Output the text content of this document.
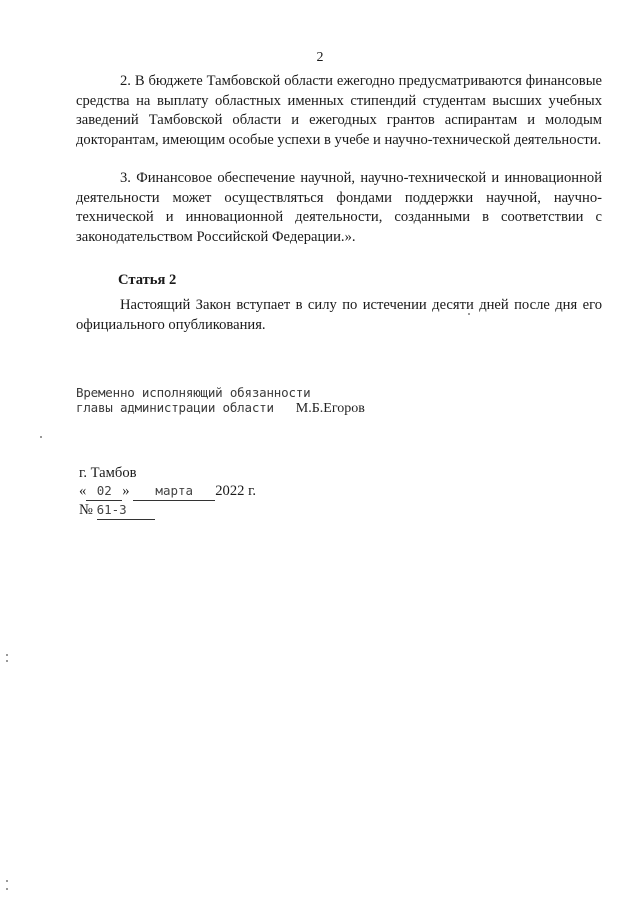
2
2. В бюджете Тамбовской области ежегодно предусматриваются финансовые средства на выплату областных именных стипендий студентам высших учебных заведений Тамбовской области и ежегодных грантов аспирантам и молодым докторантам, имеющим особые успехи в учебе и научно-технической деятельности.
3. Финансовое обеспечение научной, научно-технической и инновационной деятельности может осуществляться фондами поддержки научной, научно-технической и инновационной деятельности, созданными в соответствии с законодательством Российской Федерации.».
Статья 2
Настоящий Закон вступает в силу по истечении десяти дней после дня его официального опубликования.
Временно исполняющий обязанности
главы администрации области М.Б.Егоров
г. Тамбов
« 02 » марта 2022 г.
№ 61-З
